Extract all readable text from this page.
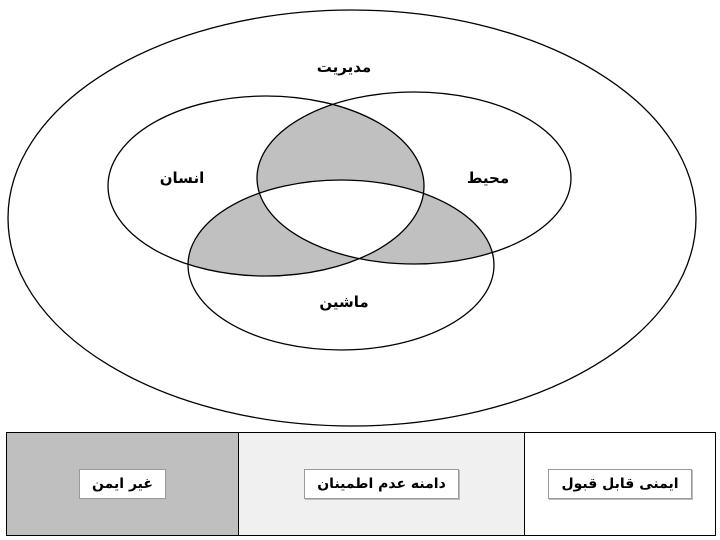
مدیریت
انسان	محیط
ماشین
غیر ایمن	دامنه عدم اطمینان	ایمنی قابل قبول
